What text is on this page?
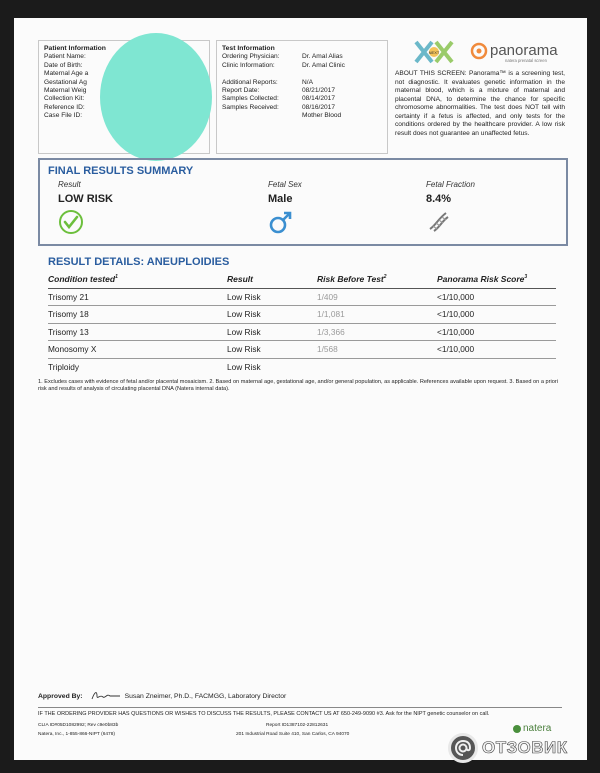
Patient Information
Patient Name:
Date of Birth:
Maternal Age a
Gestational Ag
Maternal Weig
Collection Kit:
Reference ID:
Case File ID:
Test Information
Ordering Physician:	Dr. Amal Alias
Clinic Information:	Dr. Amal Clinic
Additional Reports:	N/A
Report Date:	08/21/2017
Samples Collected:	08/14/2017
Samples Received:	08/16/2017
Mother Blood
NEXT	panorama
natera prenatal screen
ABOUT THIS SCREEN: Panorama™ is a screening test, not diagnostic. It evaluates genetic information in the maternal blood, which is a mixture of maternal and placental DNA, to determine the chance for specific chromosome abnormalities. The test does NOT tell with certainty if a fetus is affected, and only tests for the conditions ordered by the healthcare provider. A low risk result does not guarantee an unaffected fetus.
FINAL RESULTS SUMMARY
Result
LOW RISK
Fetal Sex
Male
Fetal Fraction
8.4%
RESULT DETAILS: ANEUPLOIDIES
Condition tested$^1$	Result	Risk Before Test$^2$	Panorama Risk Score$^3$
Trisomy 21	Low Risk	1/409	<1/10,000
Trisomy 18	Low Risk	1/1,081	<1/10,000
Trisomy 13	Low Risk	1/3,366	<1/10,000
Monosomy X	Low Risk	1/568	<1/10,000
Triploidy	Low Risk
1. Excludes cases with evidence of fetal and/or placental mosaicism. 2. Based on maternal age, gestational age, and/or general population, as applicable. References available upon request. 3. Based on a priori risk and results of analysis of circulating placental DNA (Natera internal data).
Approved By:	Susan Zneimer, Ph.D., FACMGG, Laboratory Director
IF THE ORDERING PROVIDER HAS QUESTIONS OR WISHES TO DISCUSS THE RESULTS, PLEASE CONTACT US AT 650-249-9090 #3. Ask for the NIPT genetic counselor on call.
CLIA ID#05D1082992; Rev c9e0b83b
Natera, Inc., 1-855-866-NIPT (6478)
Report ID1387102-22812631
201 Industrial Road Suite 410, San Carlos, CA 94070
natera
ОТЗОВИК
